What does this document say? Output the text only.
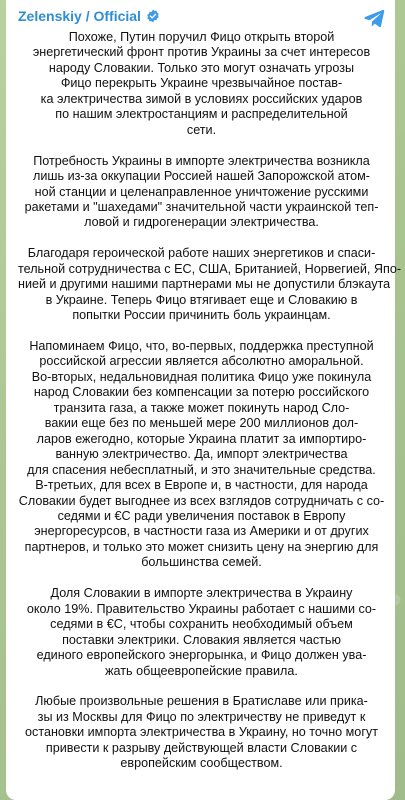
Zelenskiy / Official

Похоже, Путин поручил Фицо открыть второй
энергетический фронт против Украины за счет интересов
народу Словакии. Только это могут означать угрозы
Фицо перекрыть Украине чрезвычайное постав-
ка электричества зимой в условиях российских ударов
по нашим электростанциям и распределительной
сети.

Потребность Украины в импорте электричества возникла
лишь из-за оккупации Россией нашей Запорожской атом-
ной станции и целенаправленное уничтожение русскими
ракетами и "шахедами" значительной части украинской теп-
ловой и гидрогенерации электричества.

Благодаря героической работе наших энергетиков и спаси-
тельной сотрудничества с ЕС, США, Британией, Норвегией, Япо-
нией и другими нашими партнерами мы не допустили блэкаута
в Украине. Теперь Фицо втягивает еще и Словакию в
попытки России причинить боль украинцам.

Напоминаем Фицо, что, во-первых, поддержка преступной
российской агрессии является абсолютно аморальной.
Во-вторых, недальновидная политика Фицо уже покинула
народ Словакии без компенсации за потерю российского
транзита газа, а также может покинуть народ Сло-
вакии еще без по меньшей мере 200 миллионов дол-
ларов ежегодно, которые Украина платит за импортиро-
ванную электричество. Да, импорт электричества
для спасения небесплатный, и это значительные средства.
В-третьих, для всех в Европе и, в частности, для народа
Словакии будет выгоднее из всех взглядов сотрудничать с со-
седями и €С ради увеличения поставок в Европу
энергоресурсов, в частности газа из Америки и от других
партнеров, и только это может снизить цену на энергию для
большинства семей.

Доля Словакии в импорте электричества в Украину
около 19%. Правительство Украины работает с нашими со-
седями в €С, чтобы сохранить необходимый объем
поставки электрики. Словакия является частью
единого европейского энергорынка, и Фицо должен ува-
жать общеевропейские правила.

Любые произвольные решения в Братиславе или прика-
зы из Москвы для Фицо по электричеству не приведут к
остановки импорта электричества в Украину, но точно могут
привести к разрыву действующей власти Словакии с
европейским сообществом.
